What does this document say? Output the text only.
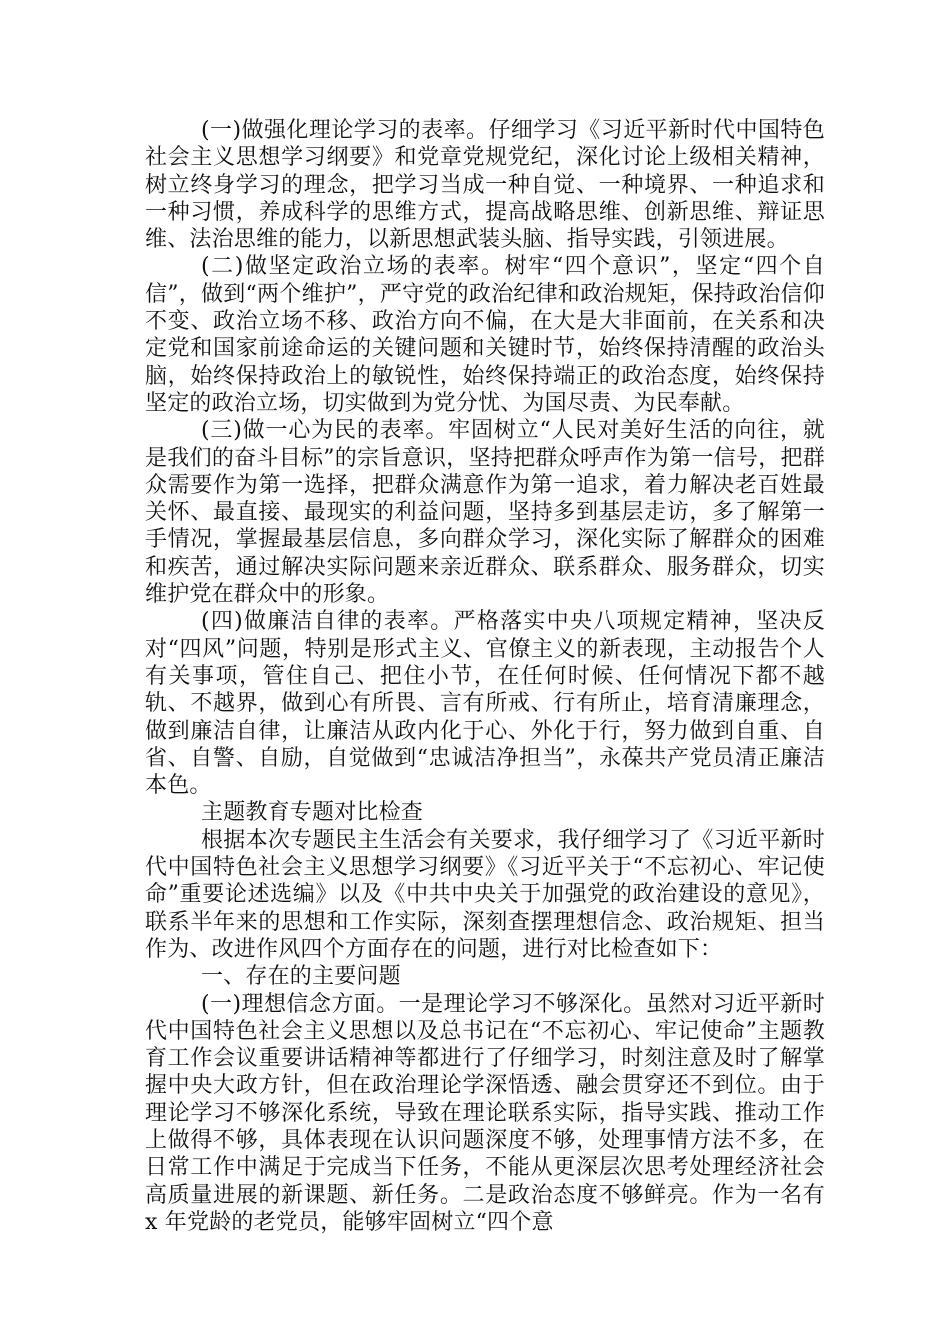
(一)做强化理论学习的表率。仔细学习《习近平新时代中国特色社会主义思想学习纲要》和党章党规党纪，深化讨论上级相关精神，树立终身学习的理念，把学习当成一种自觉、一种境界、一种追求和一种习惯，养成科学的思维方式，提高战略思维、创新思维、辩证思维、法治思维的能力，以新思想武装头脑、指导实践，引领进展。

(二)做坚定政治立场的表率。树牢“四个意识”，坚定“四个自信”，做到“两个维护”，严守党的政治纪律和政治规矩，保持政治信仰不变、政治立场不移、政治方向不偏，在大是大非面前，在关系和决定党和国家前途命运的关键问题和关键时节，始终保持清醒的政治头脑，始终保持政治上的敏锐性，始终保持端正的政治态度，始终保持坚定的政治立场，切实做到为党分忧、为国尽责、为民奉献。

(三)做一心为民的表率。牢固树立“人民对美好生活的向往，就是我们的奋斗目标”的宗旨意识，坚持把群众呼声作为第一信号，把群众需要作为第一选择，把群众满意作为第一追求，着力解决老百姓最关怀、最直接、最现实的利益问题，坚持多到基层走访，多了解第一手情况，掌握最基层信息，多向群众学习，深化实际了解群众的困难和疾苦，通过解决实际问题来亲近群众、联系群众、服务群众，切实维护党在群众中的形象。

(四)做廉洁自律的表率。严格落实中央八项规定精神，坚决反对“四风”问题，特别是形式主义、官僚主义的新表现，主动报告个人有关事项，管住自己、把住小节，在任何时候、任何情况下都不越轨、不越界，做到心有所畏、言有所戒、行有所止，培育清廉理念，做到廉洁自律，让廉洁从政内化于心、外化于行，努力做到自重、自省、自警、自励，自觉做到“忠诚洁净担当”，永葆共产党员清正廉洁本色。

主题教育专题对比检查

根据本次专题民主生活会有关要求，我仔细学习了《习近平新时代中国特色社会主义思想学习纲要》《习近平关于“不忘初心、牢记使命”重要论述选编》以及《中共中央关于加强党的政治建设的意见》，联系半年来的思想和工作实际，深刻查摆理想信念、政治规矩、担当作为、改进作风四个方面存在的问题，进行对比检查如下：

一、存在的主要问题

(一)理想信念方面。一是理论学习不够深化。虽然对习近平新时代中国特色社会主义思想以及总书记在“不忘初心、牢记使命”主题教育工作会议重要讲话精神等都进行了仔细学习，时刻注意及时了解掌握中央大政方针，但在政治理论学深悟透、融会贯穿还不到位。由于理论学习不够深化系统，导致在理论联系实际，指导实践、推动工作上做得不够，具体表现在认识问题深度不够，处理事情方法不多，在日常工作中满足于完成当下任务，不能从更深层次思考处理经济社会高质量进展的新课题、新任务。二是政治态度不够鲜亮。作为一名有 x 年党龄的老党员，能够牢固树立“四个意
